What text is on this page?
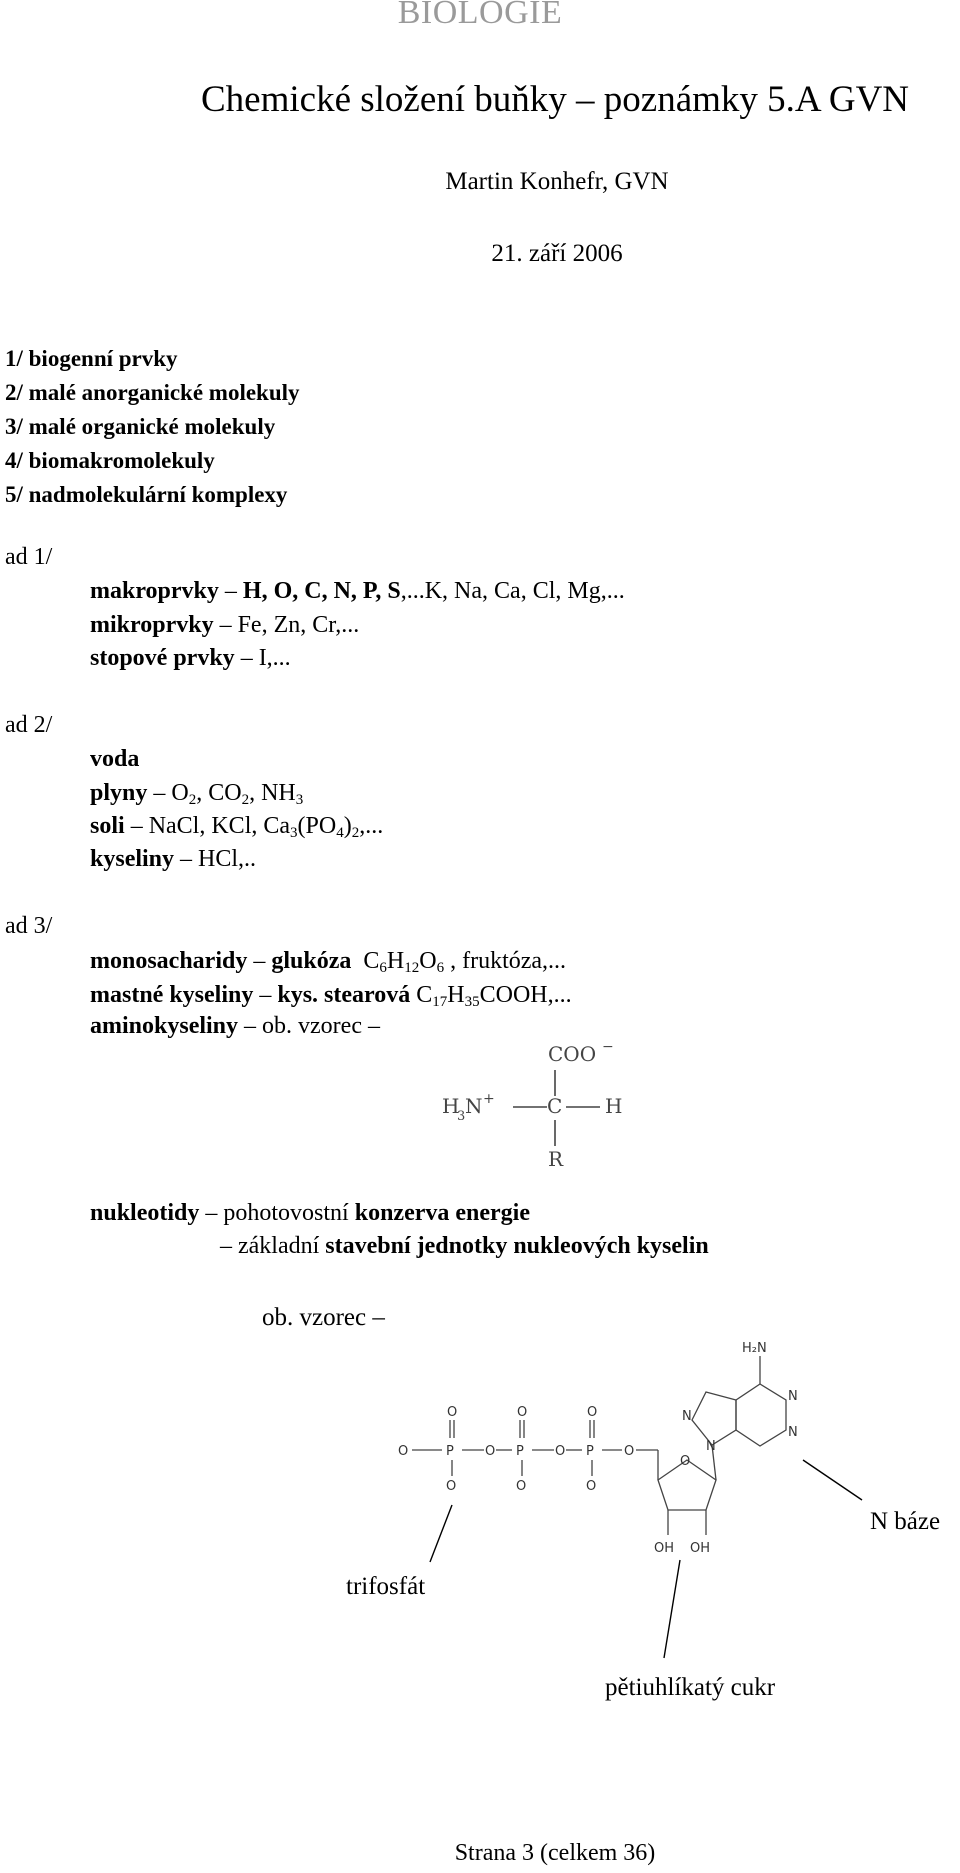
BIOLOGIE
Chemické složení buňky – poznámky 5.A GVN
Martin Konhefr, GVN
21. září 2006
1/ biogenní prvky
2/ malé anorganické molekuly
3/ malé organické molekuly
4/ biomakromolekuly
5/ nadmolekulární komplexy
ad 1/
makroprvky – H, O, C, N, P, S,...K, Na, Ca, Cl, Mg,...
mikroprvky – Fe, Zn, Cr,...
stopové prvky – I,...
ad 2/
voda
plyny – $O_2$, $CO_2$, $NH_3$
soli – NaCl, KCl, $Ca_3(PO_4)_2$,...
kyseliny – HCl,..
ad 3/
monosacharidy – glukóza  $C_6H_{12}O_6$ , fruktóza,...
mastné kyseliny – kys. stearová $C_{17}H_{35}COOH$,...
aminokyseliny – ob. vzorec –
COO −
H
3 N +	C H
R
nukleotidy – pohotovostní konzerva energie
– základní stavební jednotky nukleových kyselin
ob. vzorec –
O	O	O
O	P O P O P O
O	O	O
O
OH OH
N
N
N
N
H₂N
N báze
trifosfát
pětiuhlíkatý cukr
Strana 3 (celkem 36)
